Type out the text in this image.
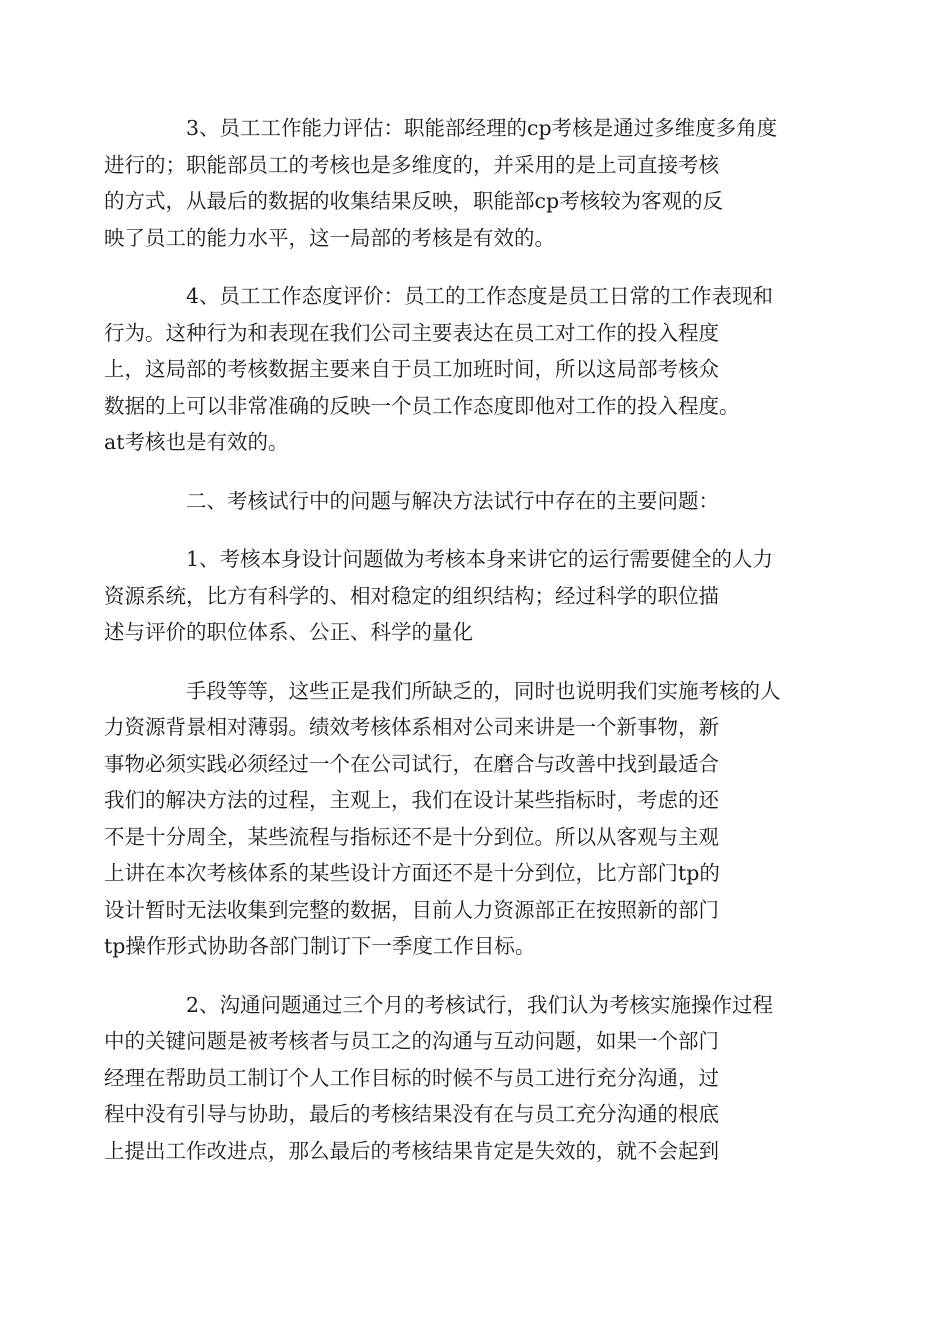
3、员工工作能力评估：职能部经理的cp考核是通过多维度多角度
进行的；职能部员工的考核也是多维度的，并采用的是上司直接考核
的方式，从最后的数据的收集结果反映，职能部cp考核较为客观的反
映了员工的能力水平，这一局部的考核是有效的。

4、员工工作态度评价：员工的工作态度是员工日常的工作表现和
行为。这种行为和表现在我们公司主要表达在员工对工作的投入程度
上，这局部的考核数据主要来自于员工加班时间，所以这局部考核众
数据的上可以非常准确的反映一个员工作态度即他对工作的投入程度。
at考核也是有效的。

二、考核试行中的问题与解决方法试行中存在的主要问题：

1、考核本身设计问题做为考核本身来讲它的运行需要健全的人力
资源系统，比方有科学的、相对稳定的组织结构；经过科学的职位描
述与评价的职位体系、公正、科学的量化

手段等等，这些正是我们所缺乏的，同时也说明我们实施考核的人
力资源背景相对薄弱。绩效考核体系相对公司来讲是一个新事物，新
事物必须实践必须经过一个在公司试行，在磨合与改善中找到最适合
我们的解决方法的过程，主观上，我们在设计某些指标时，考虑的还
不是十分周全，某些流程与指标还不是十分到位。所以从客观与主观
上讲在本次考核体系的某些设计方面还不是十分到位，比方部门tp的
设计暂时无法收集到完整的数据，目前人力资源部正在按照新的部门
tp操作形式协助各部门制订下一季度工作目标。

2、沟通问题通过三个月的考核试行，我们认为考核实施操作过程
中的关键问题是被考核者与员工之的沟通与互动问题，如果一个部门
经理在帮助员工制订个人工作目标的时候不与员工进行充分沟通，过
程中没有引导与协助，最后的考核结果没有在与员工充分沟通的根底
上提出工作改进点，那么最后的考核结果肯定是失效的，就不会起到
